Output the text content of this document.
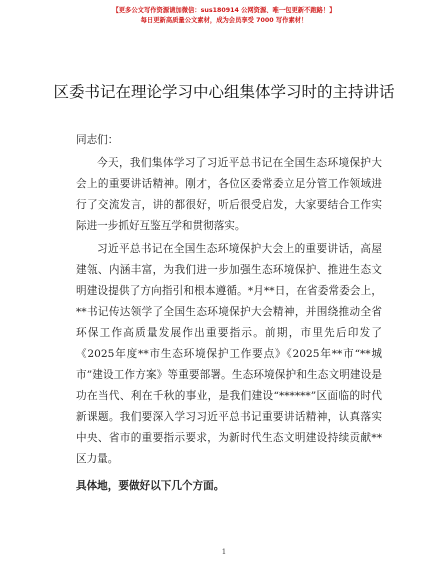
【更多公文写作资源请加微信：sus180914 公网资源、唯一包更新不跑路！】
每日更新高质量公文素材，成为会员享受 7000 写作素材！
区委书记在理论学习中心组集体学习时的主持讲话
同志们：
今天，我们集体学习了习近平总书记在全国生态环境保护大会上的重要讲话精神。刚才，各位区委常委立足分管工作领域进行了交流发言，讲的都很好，听后很受启发，大家要结合工作实际进一步抓好互鉴互学和贯彻落实。
习近平总书记在全国生态环境保护大会上的重要讲话，高屋建瓴、内涵丰富，为我们进一步加强生态环境保护、推进生态文明建设提供了方向指引和根本遵循。*月**日，在省委常委会上，**书记传达领学了全国生态环境保护大会精神，并围绕推动全省环保工作高质量发展作出重要指示。前期，市里先后印发了《2025年度**市生态环境保护工作要点》《2025年**市“**城市”建设工作方案》等重要部署。生态环境保护和生态文明建设是功在当代、利在千秋的事业，是我们建设“******”区面临的时代新课题。我们要深入学习习近平总书记重要讲话精神，认真落实中央、省市的重要指示要求，为新时代生态文明建设持续贡献**区力量。
具体地，要做好以下几个方面。
1
